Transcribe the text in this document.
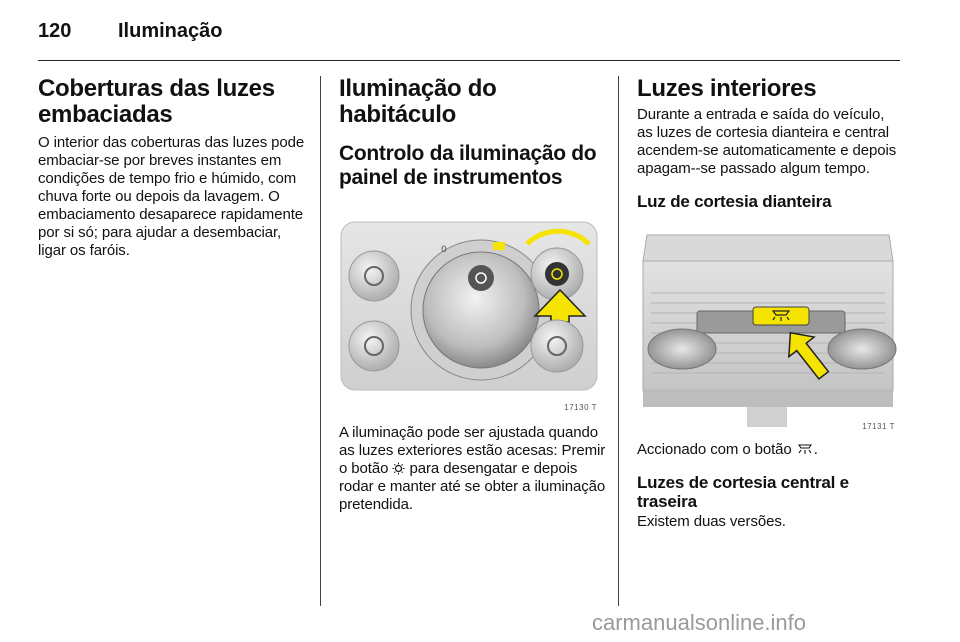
120 Iluminação
Coberturas das luzes embaciadas

O interior das coberturas das luzes pode embaciar-se por breves instantes em condições de tempo frio e húmido, com chuva forte ou depois da lavagem. O embaciamento desaparece rapidamente por si só; para ajudar a desembaciar, ligar os faróis.

Iluminação do habitáculo
Controlo da iluminação do painel de instrumentos
0
17130 T

A iluminação pode ser ajustada quando as luzes exteriores estão acesas: Premir o botão para desengatar e depois rodar e manter até se obter a iluminação pretendida.

Luzes interiores

Durante a entrada e saída do veículo, as luzes de cortesia dianteira e central acendem-se automaticamente e depois apagam--se passado algum tempo.

Luz de cortesia dianteira
17131 T

Accionado com o botão .

Luzes de cortesia central e traseira

Existem duas versões.

carmanualsonline.info
